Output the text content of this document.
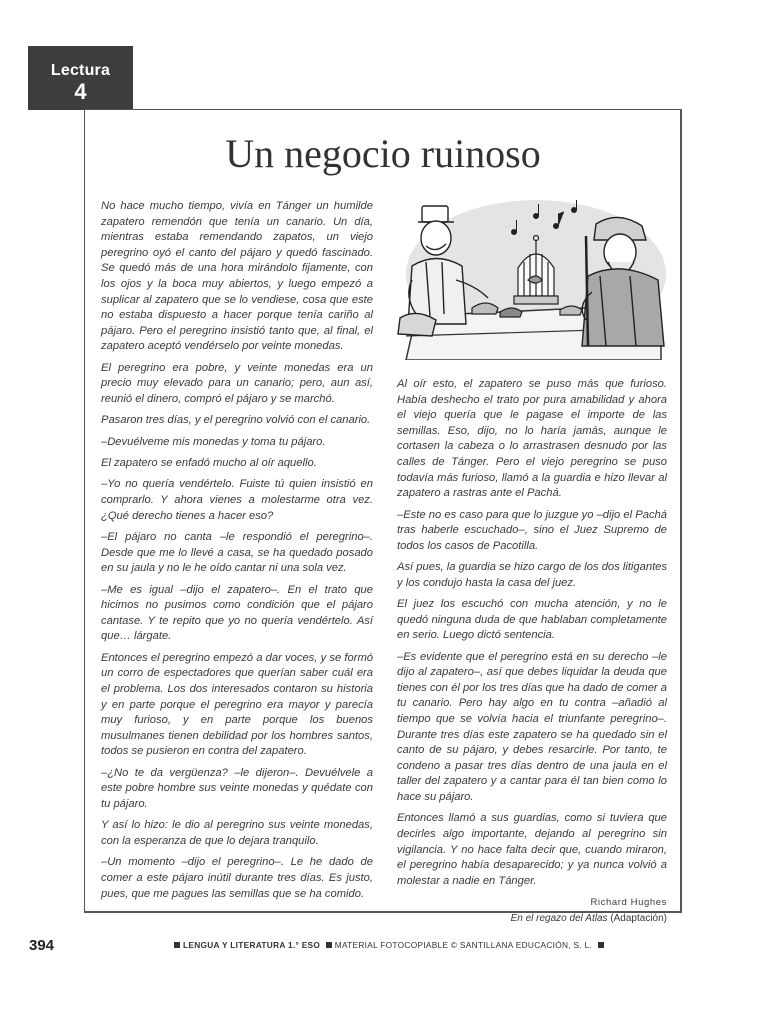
Lectura
4
Un negocio ruinoso

No hace mucho tiempo, vivía en Tánger un humilde zapatero remendón que tenía un canario. Un día, mientras estaba remendando zapatos, un viejo peregrino oyó el canto del pájaro y quedó fascinado. Se quedó más de una hora mirándolo fijamente, con los ojos y la boca muy abiertos, y luego empezó a suplicar al zapatero que se lo vendiese, cosa que este no estaba dispuesto a hacer porque tenía cariño al pájaro. Pero el peregrino insistió tanto que, al final, el zapatero aceptó vendérselo por veinte monedas.

El peregrino era pobre, y veinte monedas era un precio muy elevado para un canario; pero, aun así, reunió el dinero, compró el pájaro y se marchó.

Pasaron tres días, y el peregrino volvió con el canario.

–Devuélveme mis monedas y toma tu pájaro.

El zapatero se enfadó mucho al oír aquello.

–Yo no quería vendértelo. Fuiste tú quien insistió en comprarlo. Y ahora vienes a molestarme otra vez. ¿Qué derecho tienes a hacer eso?

–El pájaro no canta –le respondió el peregrino–. Desde que me lo llevé a casa, se ha quedado posado en su jaula y no le he oído cantar ni una sola vez.

–Me es igual –dijo el zapatero–. En el trato que hicimos no pusimos como condición que el pájaro cantase. Y te repito que yo no quería vendértelo. Así que… lárgate.

Entonces el peregrino empezó a dar voces, y se formó un corro de espectadores que querían saber cuál era el problema. Los dos interesados contaron su historia y en parte porque el peregrino era mayor y parecía muy furioso, y en parte porque los buenos musulmanes tienen debilidad por los hombres santos, todos se pusieron en contra del zapatero.

–¿No te da vergüenza? –le dijeron–. Devuélvele a este pobre hombre sus veinte monedas y quédate con tu pájaro.

Y así lo hizo: le dio al peregrino sus veinte monedas, con la esperanza de que lo dejara tranquilo.

–Un momento –dijo el peregrino–. Le he dado de comer a este pájaro inútil durante tres días. Es justo, pues, que me pagues las semillas que se ha comido.

Al oír esto, el zapatero se puso más que furioso. Había deshecho el trato por pura amabilidad y ahora el viejo quería que le pagase el importe de las semillas. Eso, dijo, no lo haría jamás, aunque le cortasen la cabeza o lo arrastrasen desnudo por las calles de Tánger. Pero el viejo peregrino se puso todavía más furioso, llamó a la guardia e hizo llevar al zapatero a rastras ante el Pachá.

–Este no es caso para que lo juzgue yo –dijo el Pachá tras haberle escuchado–, sino el Juez Supremo de todos los casos de Pacotilla.

Así pues, la guardia se hizo cargo de los dos litigantes y los condujo hasta la casa del juez.

El juez los escuchó con mucha atención, y no le quedó ninguna duda de que hablaban completamente en serio. Luego dictó sentencia.

–Es evidente que el peregrino está en su derecho –le dijo al zapatero–, así que debes liquidar la deuda que tienes con él por los tres días que ha dado de comer a tu canario. Pero hay algo en tu contra –añadió al tiempo que se volvía hacia el triunfante peregrino–. Durante tres días este zapatero se ha quedado sin el canto de su pájaro, y debes resarcirle. Por tanto, te condeno a pasar tres días dentro de una jaula en el taller del zapatero y a cantar para él tan bien como lo hace su pájaro.

Entonces llamó a sus guardias, como si tuviera que decirles algo importante, dejando al peregrino sin vigilancia. Y no hace falta decir que, cuando miraron, el peregrino había desaparecido; y ya nunca volvió a molestar a nadie en Tánger.

Richard Hughes
En el regazo del Atlas (Adaptación)
394	LENGUA Y LITERATURA 1.° ESO MATERIAL FOTOCOPIABLE © SANTILLANA EDUCACIÓN, S. L.
